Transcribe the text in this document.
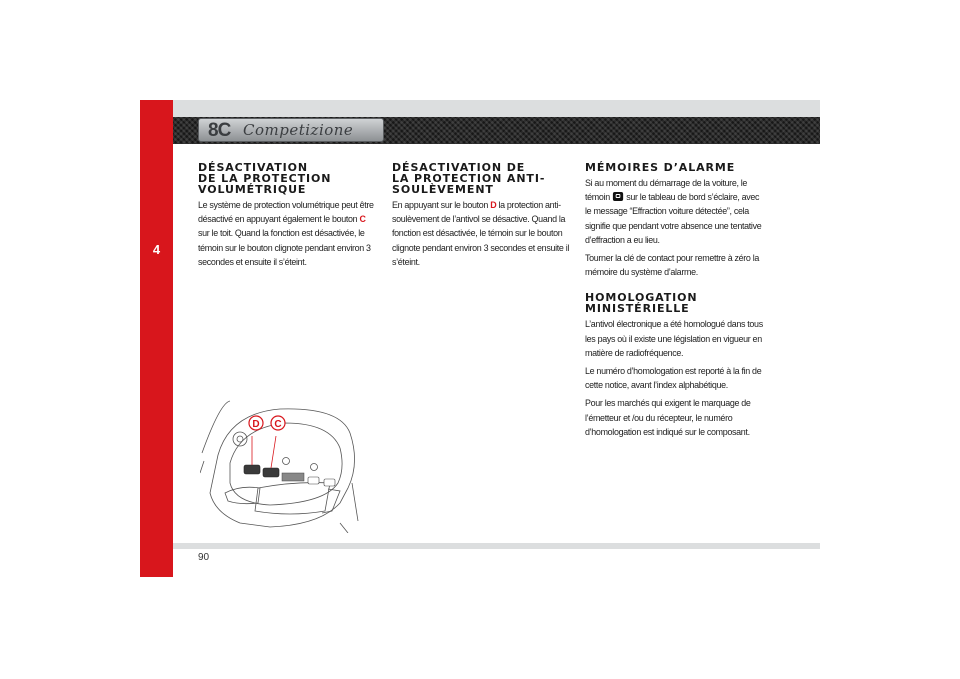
4
8C Competizione
DÉSACTIVATION
DE LA PROTECTION
VOLUMÉTRIQUE

Le système de protection volumétrique peut être désactivé en appuyant également le bouton C sur le toit. Quand la fonction est désactivée, le témoin sur le bouton clignote pendant environ 3 secondes et ensuite il s’éteint.

DÉSACTIVATION DE
LA PROTECTION ANTI-
SOULÈVEMENT

En appuyant sur le bouton D la protection anti-soulèvement de l’antivol se désactive. Quand la fonction est désactivée, le témoin sur le bouton clignote pendant environ 3 secondes et ensuite il s’éteint.

MÉMOIRES D’ALARME

Si au moment du démarrage de la voiture, le témoin  sur le tableau de bord s’éclaire, avec le message “Effraction voiture détectée”, cela signifie que pendant votre absence une tentative d’effraction a eu lieu.

Tourner la clé de contact pour remettre à zéro la mémoire du système d’alarme.

HOMOLOGATION
MINISTÉRIELLE

L’antivol électronique a été homologué dans tous les pays où il existe une législation en vigueur en matière de radiofréquence.

Le numéro d’homologation est reporté à la fin de cette notice, avant l’index alphabétique.

Pour les marchés qui exigent le marquage de l’émetteur et /ou du récepteur, le numéro d’homologation est indiqué sur le composant.

D C
90
